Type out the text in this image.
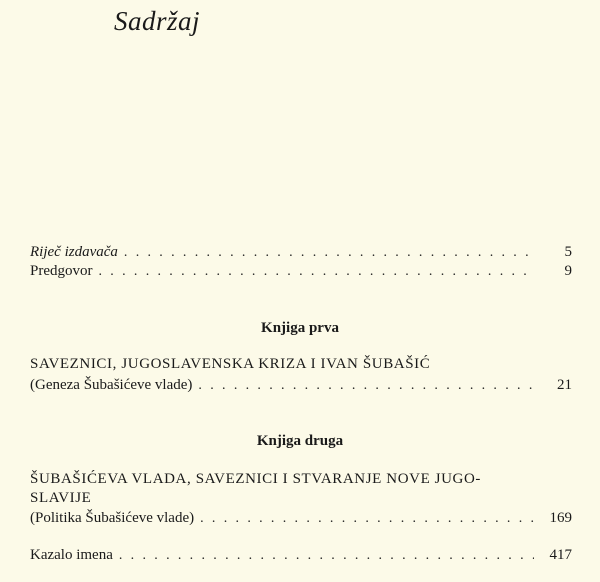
Sadržaj
Riječ izdavača . . .	5
Predgovor . . .	9
Knjiga prva
SAVEZNICI, JUGOSLAVENSKA KRIZA I IVAN ŠUBAŠIĆ
(Geneza Šubašićeve vlade) . . .	21
Knjiga druga
ŠUBAŠIĆEVA VLADA, SAVEZNICI I STVARANJE NOVE JUGO-
SLAVIJE
(Politika Šubašićeve vlade) . . .	169
Kazalo imena . . .	417
